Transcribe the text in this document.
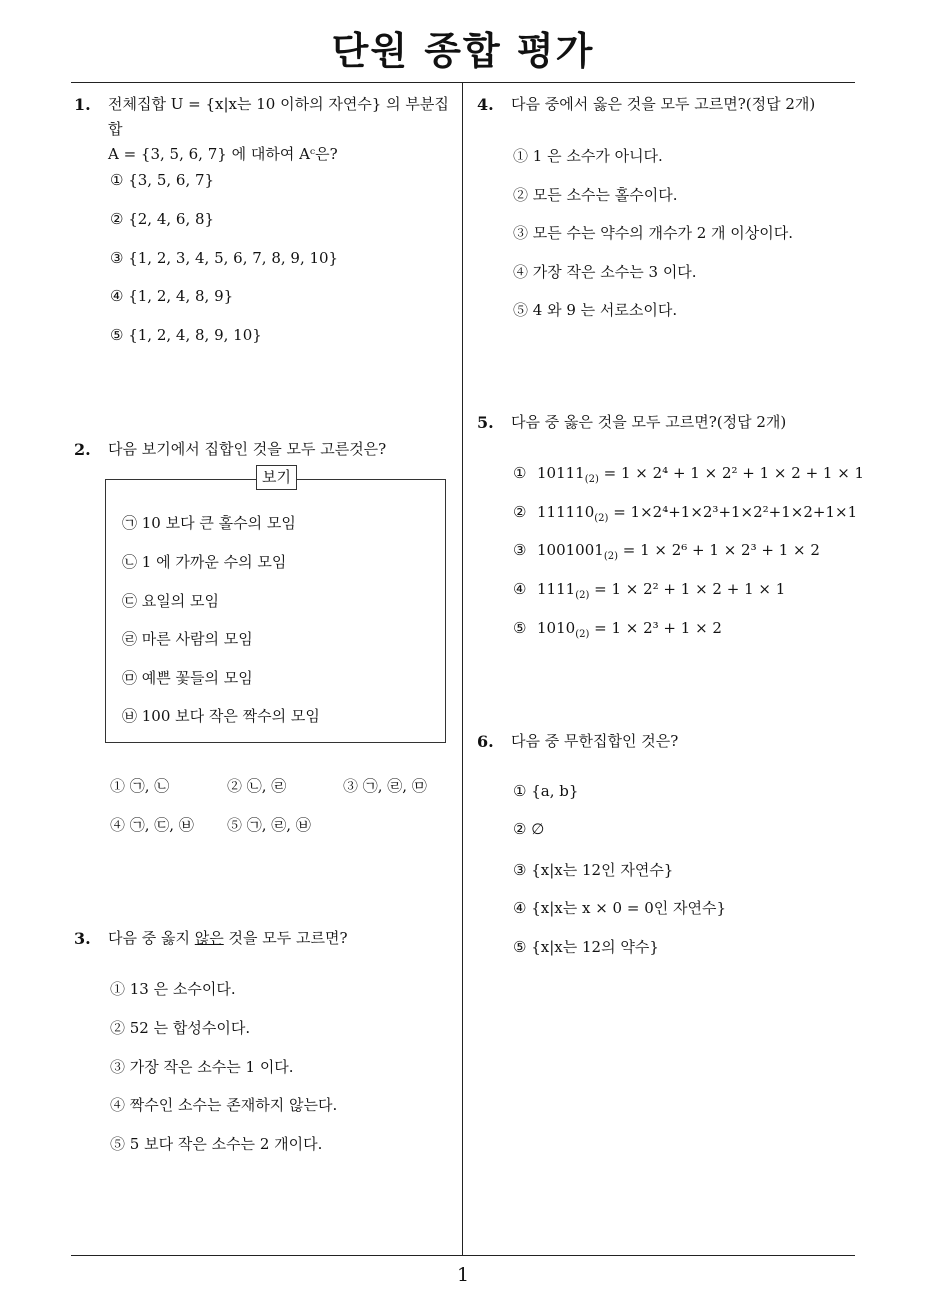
단원 종합 평가
1
1. 전체집합 U = {x|x는 10 이하의 자연수} 의 부분집합
A = {3, 5, 6, 7} 에 대하여 Aᶜ은?
① {3, 5, 6, 7}
② {2, 4, 6, 8}
③ {1, 2, 3, 4, 5, 6, 7, 8, 9, 10}
④ {1, 2, 4, 8, 9}
⑤ {1, 2, 4, 8, 9, 10}
2. 다음 보기에서 집합인 것을 모두 고른것은?
보기
㉠ 10 보다 큰 홀수의 모임
㉡ 1 에 가까운 수의 모임
㉢ 요일의 모임
㉣ 마른 사람의 모임
㉤ 예쁜 꽃들의 모임
㉥ 100 보다 작은 짝수의 모임
① ㉠, ㉡	② ㉡, ㉣	③ ㉠, ㉣, ㉤
④ ㉠, ㉢, ㉥ ⑤ ㉠, ㉣, ㉥
3. 다음 중 옳지 않은 것을 모두 고르면?
① 13 은 소수이다.
② 52 는 합성수이다.
③ 가장 작은 소수는 1 이다.
④ 짝수인 소수는 존재하지 않는다.
⑤ 5 보다 작은 소수는 2 개이다.
4. 다음 중에서 옳은 것을 모두 고르면?(정답 2개)
① 1 은 소수가 아니다.
② 모든 소수는 홀수이다.
③ 모든 수는 약수의 개수가 2 개 이상이다.
④ 가장 작은 소수는 3 이다.
⑤ 4 와 9 는 서로소이다.
5. 다음 중 옳은 것을 모두 고르면?(정답 2개)
① $10111_{(2)} = 1 \times 2^4 + 1 \times 2^2 + 1 \times 2 + 1 \times 1$
② $111110_{(2)} = 1\times 2^4+1\times 2^3+1\times 2^2+1\times 2+1\times 1$
③ $1001001_{(2)} = 1 \times 2^6 + 1 \times 2^3 + 1 \times 2$
④ $1111_{(2)} = 1 \times 2^2 + 1 \times 2 + 1 \times 1$
⑤ $1010_{(2)} = 1 \times 2^3 + 1 \times 2$
6. 다음 중 무한집합인 것은?
① {a, b}
② ∅
③ {x|x는 12인 자연수}
④ {x|x는 x × 0 = 0인 자연수}
⑤ {x|x는 12의 약수}
